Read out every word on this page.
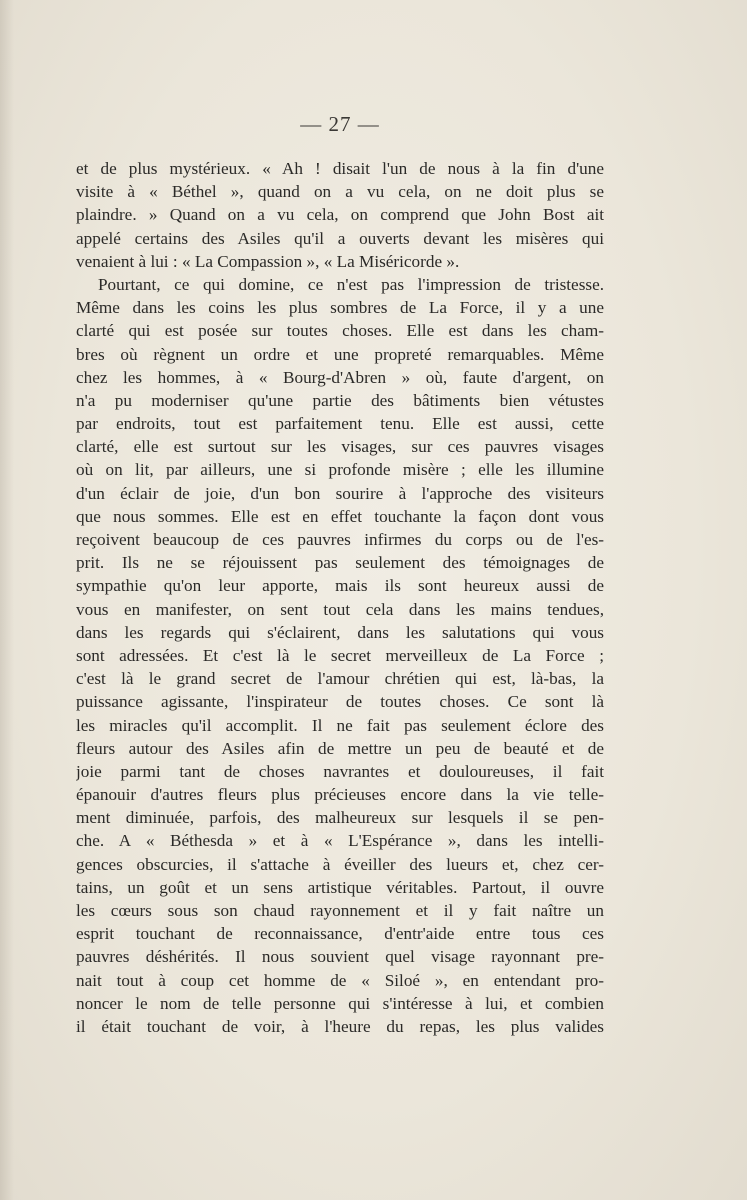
— 27 —
et de plus mystérieux. « Ah ! disait l'un de nous à la fin d'une
visite à « Béthel », quand on a vu cela, on ne doit plus se
plaindre. » Quand on a vu cela, on comprend que John Bost ait
appelé certains des Asiles qu'il a ouverts devant les misères qui
venaient à lui : « La Compassion », « La Miséricorde ».
Pourtant, ce qui domine, ce n'est pas l'impression de tristesse.
Même dans les coins les plus sombres de La Force, il y a une
clarté qui est posée sur toutes choses. Elle est dans les cham-
bres où règnent un ordre et une propreté remarquables. Même
chez les hommes, à « Bourg-d'Abren » où, faute d'argent, on
n'a pu moderniser qu'une partie des bâtiments bien vétustes
par endroits, tout est parfaitement tenu. Elle est aussi, cette
clarté, elle est surtout sur les visages, sur ces pauvres visages
où on lit, par ailleurs, une si profonde misère ; elle les illumine
d'un éclair de joie, d'un bon sourire à l'approche des visiteurs
que nous sommes. Elle est en effet touchante la façon dont vous
reçoivent beaucoup de ces pauvres infirmes du corps ou de l'es-
prit. Ils ne se réjouissent pas seulement des témoignages de
sympathie qu'on leur apporte, mais ils sont heureux aussi de
vous en manifester, on sent tout cela dans les mains tendues,
dans les regards qui s'éclairent, dans les salutations qui vous
sont adressées. Et c'est là le secret merveilleux de La Force ;
c'est là le grand secret de l'amour chrétien qui est, là-bas, la
puissance agissante, l'inspirateur de toutes choses. Ce sont là
les miracles qu'il accomplit. Il ne fait pas seulement éclore des
fleurs autour des Asiles afin de mettre un peu de beauté et de
joie parmi tant de choses navrantes et douloureuses, il fait
épanouir d'autres fleurs plus précieuses encore dans la vie telle-
ment diminuée, parfois, des malheureux sur lesquels il se pen-
che. A « Béthesda » et à « L'Espérance », dans les intelli-
gences obscurcies, il s'attache à éveiller des lueurs et, chez cer-
tains, un goût et un sens artistique véritables. Partout, il ouvre
les cœurs sous son chaud rayonnement et il y fait naître un
esprit touchant de reconnaissance, d'entr'aide entre tous ces
pauvres déshérités. Il nous souvient quel visage rayonnant pre-
nait tout à coup cet homme de « Siloé », en entendant pro-
noncer le nom de telle personne qui s'intéresse à lui, et combien
il était touchant de voir, à l'heure du repas, les plus valides
